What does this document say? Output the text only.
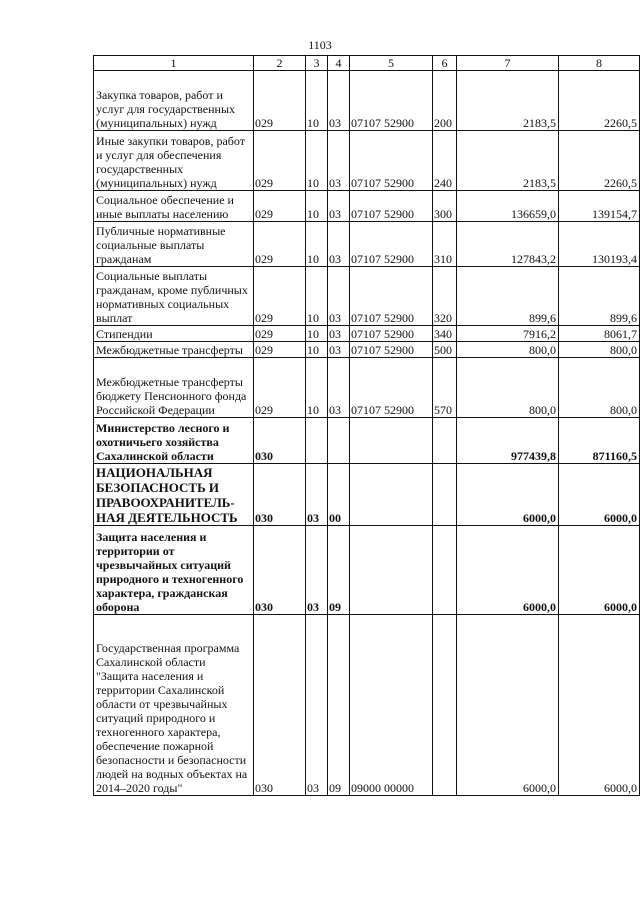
1103
1	2	3	4	5	6	7	8
Закупка товаров, работ и услуг для государственных (муниципальных) нужд	029	10	03	07107 52900	200	2183,5	2260,5
Иные закупки товаров, работ и услуг для обеспечения государственных (муниципальных) нужд	029	10	03	07107 52900	240	2183,5	2260,5
Социальное обеспечение и иные выплаты населению	029	10	03	07107 52900	300	136659,0	139154,7
Публичные нормативные социальные выплаты гражданам	029	10	03	07107 52900	310	127843,2	130193,4
Социальные выплаты гражданам, кроме публичных нормативных социальных выплат	029	10	03	07107 52900	320	899,6	899,6
Стипендии	029	10	03	07107 52900	340	7916,2	8061,7
Межбюджетные трансферты	029	10	03	07107 52900	500	800,0	800,0
Межбюджетные трансферты бюджету Пенсионного фонда Российской Федерации	029	10	03	07107 52900	570	800,0	800,0
Министерство лесного и охотничьего хозяйства Сахалинской области	030					977439,8	871160,5
НАЦИОНАЛЬНАЯ БЕЗОПАСНОСТЬ И ПРАВООХРАНИТЕЛЬ-НАЯ ДЕЯТЕЛЬНОСТЬ	030	03	00			6000,0	6000,0
Защита населения и территории от чрезвычайных ситуаций природного и техногенного характера, гражданская оборона	030	03	09			6000,0	6000,0
Государственная программа Сахалинской области "Защита населения и территории Сахалинской области от чрезвычайных ситуаций природного и техногенного характера, обеспечение пожарной безопасности и безопасности людей на водных объектах на 2014–2020 годы"	030	03	09	09000 00000		6000,0	6000,0
